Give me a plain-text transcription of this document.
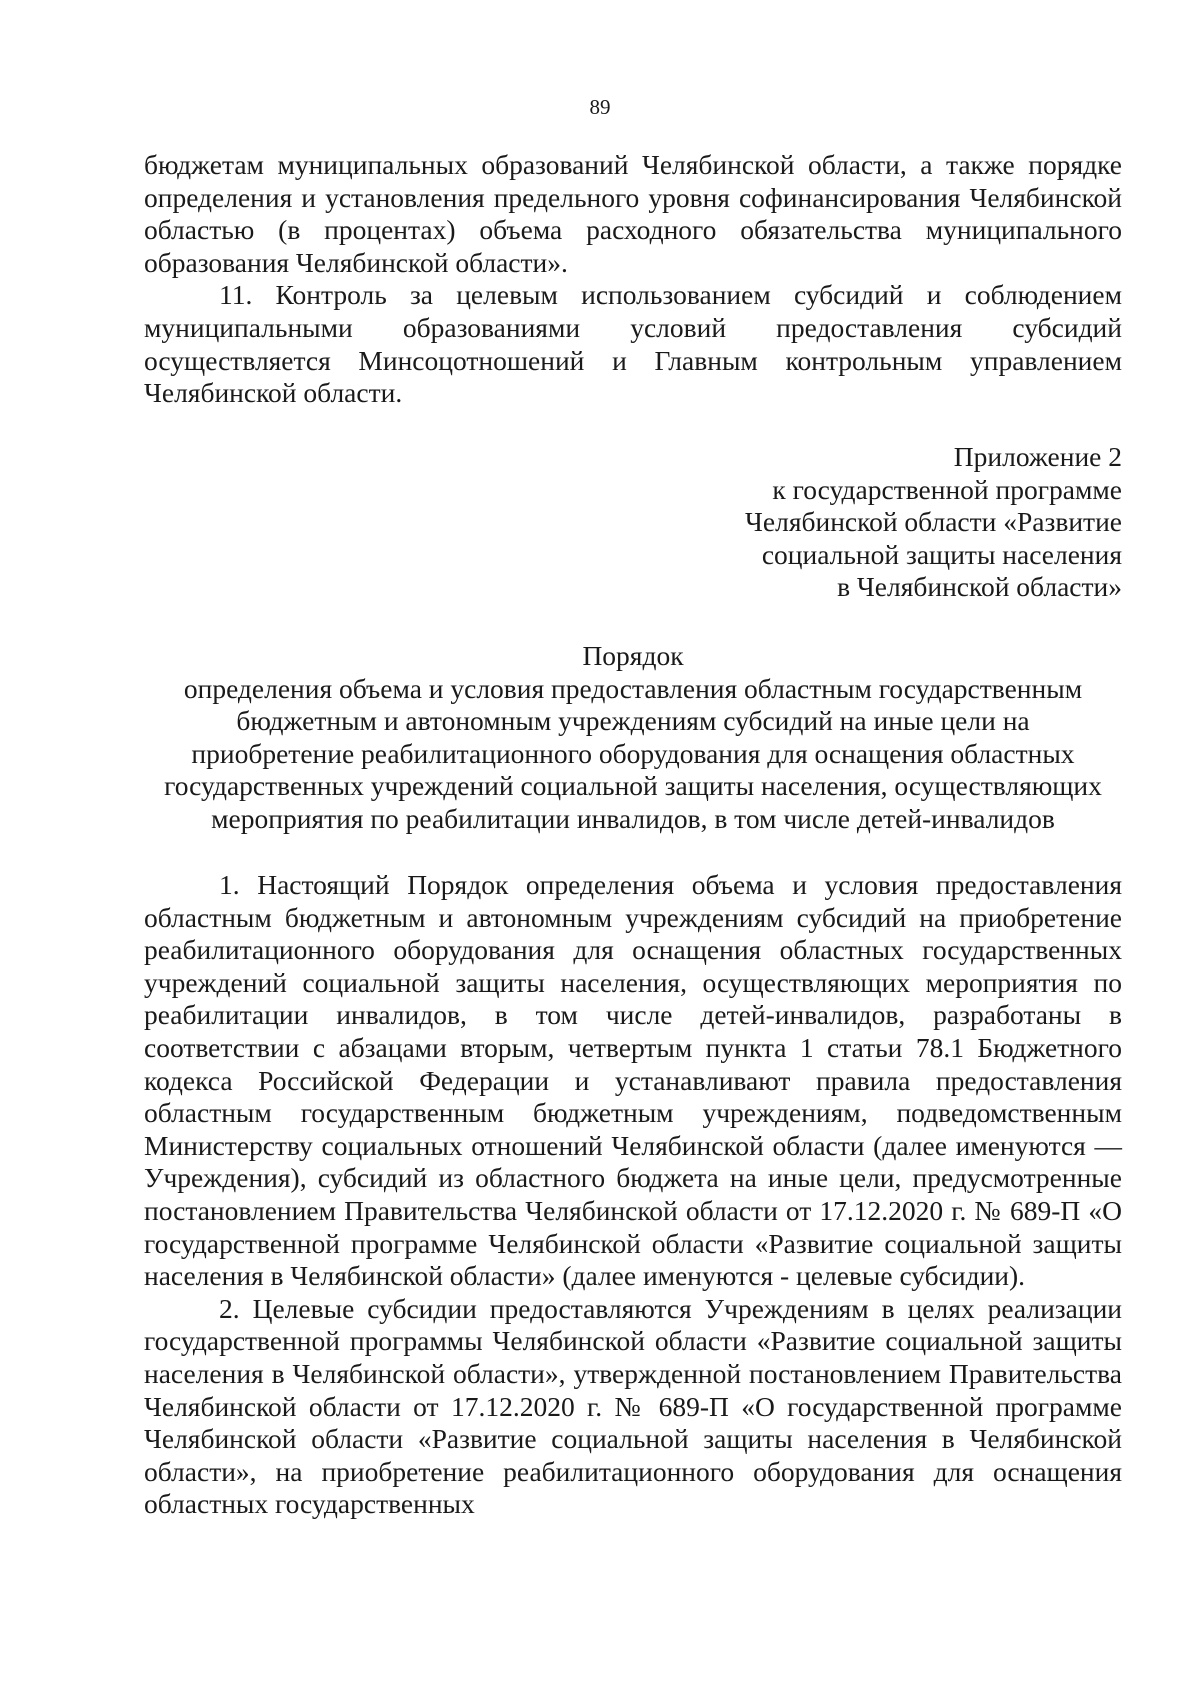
89

бюджетам муниципальных образований Челябинской области, а также порядке определения и установления предельного уровня софинансирования Челябинской областью (в процентах) объема расходного обязательства муниципального образования Челябинской области».

11. Контроль за целевым использованием субсидий и соблюдением муниципальными образованиями условий предоставления субсидий осуществляется Минсоцотношений и Главным контрольным управлением Челябинской области.

Приложение 2
к государственной программе
Челябинской области «Развитие
социальной защиты населения
в Челябинской области»
Порядок
определения объема и условия предоставления областным государственным
бюджетным и автономным учреждениям субсидий на иные цели на
приобретение реабилитационного оборудования для оснащения областных
государственных учреждений социальной защиты населения, осуществляющих
мероприятия по реабилитации инвалидов, в том числе детей-инвалидов

1. Настоящий Порядок определения объема и условия предоставления областным бюджетным и автономным учреждениям субсидий на приобретение реабилитационного оборудования для оснащения областных государственных учреждений социальной защиты населения, осуществляющих мероприятия по реабилитации инвалидов, в том числе детей-инвалидов, разработаны в соответствии с абзацами вторым, четвертым пункта 1 статьи 78.1 Бюджетного кодекса Российской Федерации и устанавливают правила предоставления областным государственным бюджетным учреждениям, подведомственным Министерству социальных отношений Челябинской области (далее именуются — Учреждения), субсидий из областного бюджета на иные цели, предусмотренные постановлением Правительства Челябинской области от 17.12.2020 г. № 689-П «О государственной программе Челябинской области «Развитие социальной защиты населения в Челябинской области» (далее именуются - целевые субсидии).

2. Целевые субсидии предоставляются Учреждениям в целях реализации государственной программы Челябинской области «Развитие социальной защиты населения в Челябинской области», утвержденной постановлением Правительства Челябинской области от 17.12.2020 г. № 689-П «О государственной программе Челябинской области «Развитие социальной защиты населения в Челябинской области», на приобретение реабилитационного оборудования для оснащения областных государственных
